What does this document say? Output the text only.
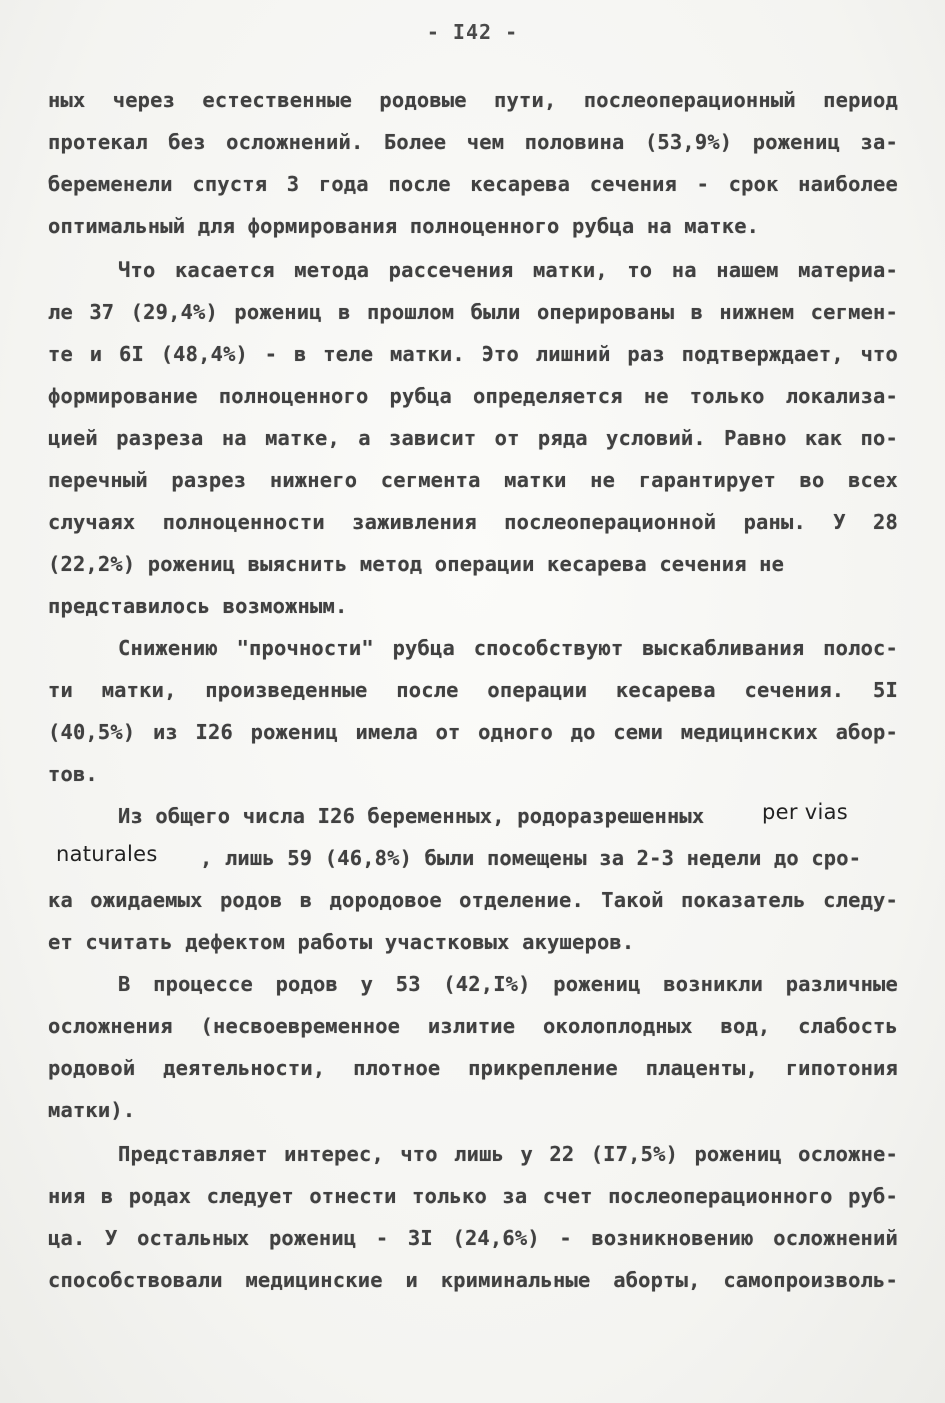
- I42 -
ных через естественные родовые пути, послеоперационный период
протекал без осложнений. Более чем половина (53,9%) рожениц за-
беременели спустя 3 года после кесарева сечения - срок наиболее
оптимальный для формирования полноценного рубца на матке.
Что касается метода рассечения матки, то на нашем материа-
ле 37 (29,4%) рожениц в прошлом были оперированы в нижнем сегмен-
те и 6I (48,4%) - в теле матки. Это лишний раз подтверждает, что
формирование полноценного рубца определяется не только локализа-
цией разреза на матке, а зависит от ряда условий. Равно как по-
перечный разрез нижнего сегмента матки не гарантирует во всех
случаях полноценности заживления послеоперационной раны. У 28
(22,2%) рожениц выяснить метод операции кесарева сечения не
представилось возможным.
Снижению "прочности" рубца способствуют выскабливания полос-
ти матки, произведенные после операции кесарева сечения. 5I
(40,5%) из I26 рожениц имела от одного до семи медицинских абор-
тов.
Из общего числа I26 беременных, родоразрешенных	per vias
naturales , лишь 59 (46,8%) были помещены за 2-3 недели до сро-
ка ожидаемых родов в дородовое отделение. Такой показатель следу-
ет считать дефектом работы участковых акушеров.
В процессе родов у 53 (42,I%) рожениц возникли различные
осложнения (несвоевременное излитие околоплодных вод, слабость
родовой деятельности, плотное прикрепление плаценты, гипотония
матки).
Представляет интерес, что лишь у 22 (I7,5%) рожениц осложне-
ния в родах следует отнести только за счет послеоперационного руб-
ца. У остальных рожениц - 3I (24,6%) - возникновению осложнений
способствовали медицинские и криминальные аборты, самопроизволь-
